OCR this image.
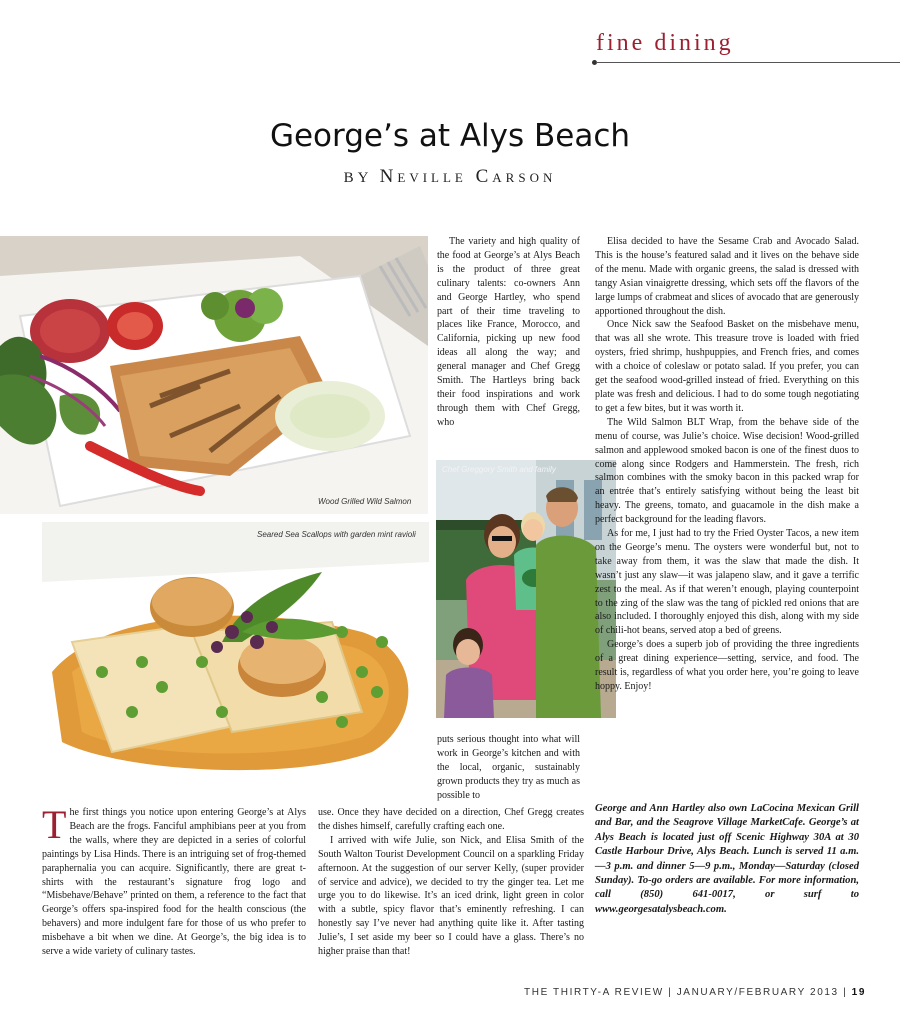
fine dining
George’s at Alys Beach
BY Neville Carson
Wood Grilled Wild Salmon
Seared Sea Scallops with garden mint ravioli
Chef Greggory Smith and family

The variety and high quality of the food at George’s at Alys Beach is the product of three great culinary talents: co-owners Ann and George Hartley, who spend part of their time traveling to places like France, Morocco, and California, picking up new food ideas all along the way; and general manager and Chef Gregg Smith. The Hartleys bring back their food inspirations and work through them with Chef Gregg, who

puts serious thought into what will work in George’s kitchen and with the local, organic, sustainably grown products they try as much as possible to

The first things you notice upon entering George’s at Alys Beach are the frogs. Fanciful amphibians peer at you from the walls, where they are depicted in a series of colorful paintings by Lisa Hinds. There is an intriguing set of frog-themed paraphernalia you can acquire. Significantly, there are great t-shirts with the restaurant’s signature frog logo and “Misbehave/Behave” printed on them, a reference to the fact that George’s offers spa-inspired food for the health conscious (the behavers) and more indulgent fare for those of us who prefer to misbehave a bit when we dine. At George’s, the big idea is to serve a wide variety of culinary tastes.

use. Once they have decided on a direction, Chef Gregg creates the dishes himself, carefully crafting each one.

I arrived with wife Julie, son Nick, and Elisa Smith of the South Walton Tourist Development Council on a sparkling Friday afternoon. At the suggestion of our server Kelly, (super provider of service and advice), we decided to try the ginger tea. Let me urge you to do likewise. It’s an iced drink, light green in color with a subtle, spicy flavor that’s eminently refreshing. I can honestly say I’ve never had anything quite like it. After tasting Julie’s, I set aside my beer so I could have a glass. There’s no higher praise than that!

Elisa decided to have the Sesame Crab and Avocado Salad. This is the house’s featured salad and it lives on the behave side of the menu. Made with organic greens, the salad is dressed with tangy Asian vinaigrette dressing, which sets off the flavors of the large lumps of crabmeat and slices of avocado that are generously apportioned throughout the dish.

Once Nick saw the Seafood Basket on the misbehave menu, that was all she wrote. This treasure trove is loaded with fried oysters, fried shrimp, hushpuppies, and French fries, and comes with a choice of coleslaw or potato salad. If you prefer, you can get the seafood wood-grilled instead of fried. Everything on this plate was fresh and delicious. I had to do some tough negotiating to get a few bites, but it was worth it.

The Wild Salmon BLT Wrap, from the behave side of the menu of course, was Julie’s choice. Wise decision! Wood-grilled salmon and applewood smoked bacon is one of the finest duos to come along since Rodgers and Hammerstein. The fresh, rich salmon combines with the smoky bacon in this packed wrap for an entrée that’s entirely satisfying without being the least bit heavy. The greens, tomato, and guacamole in the dish make a perfect background for the leading flavors.

As for me, I just had to try the Fried Oyster Tacos, a new item on the George’s menu. The oysters were wonderful but, not to take away from them, it was the slaw that made the dish. It wasn’t just any slaw—it was jalapeno slaw, and it gave a terrific zest to the meal. As if that weren’t enough, playing counterpoint to the zing of the slaw was the tang of pickled red onions that are also included. I thoroughly enjoyed this dish, along with my side of chili-hot beans, served atop a bed of greens.

George’s does a superb job of providing the three ingredients of a great dining experience—setting, service, and food. The result is, regardless of what you order here, you’re going to leave hoppy. Enjoy!

George and Ann Hartley also own LaCocina Mexican Grill and Bar, and the Seagrove Village MarketCafe. George’s at Alys Beach is located just off Scenic Highway 30A at 30 Castle Harbour Drive, Alys Beach. Lunch is served 11 a.m.—3 p.m. and dinner 5—9 p.m., Monday—Saturday (closed Sunday). To-go orders are available. For more information, call (850) 641-0017, or surf to www.georgesatalysbeach.com.
THE THIRTY-A REVIEW | JANUARY/FEBRUARY 2013 | 19
